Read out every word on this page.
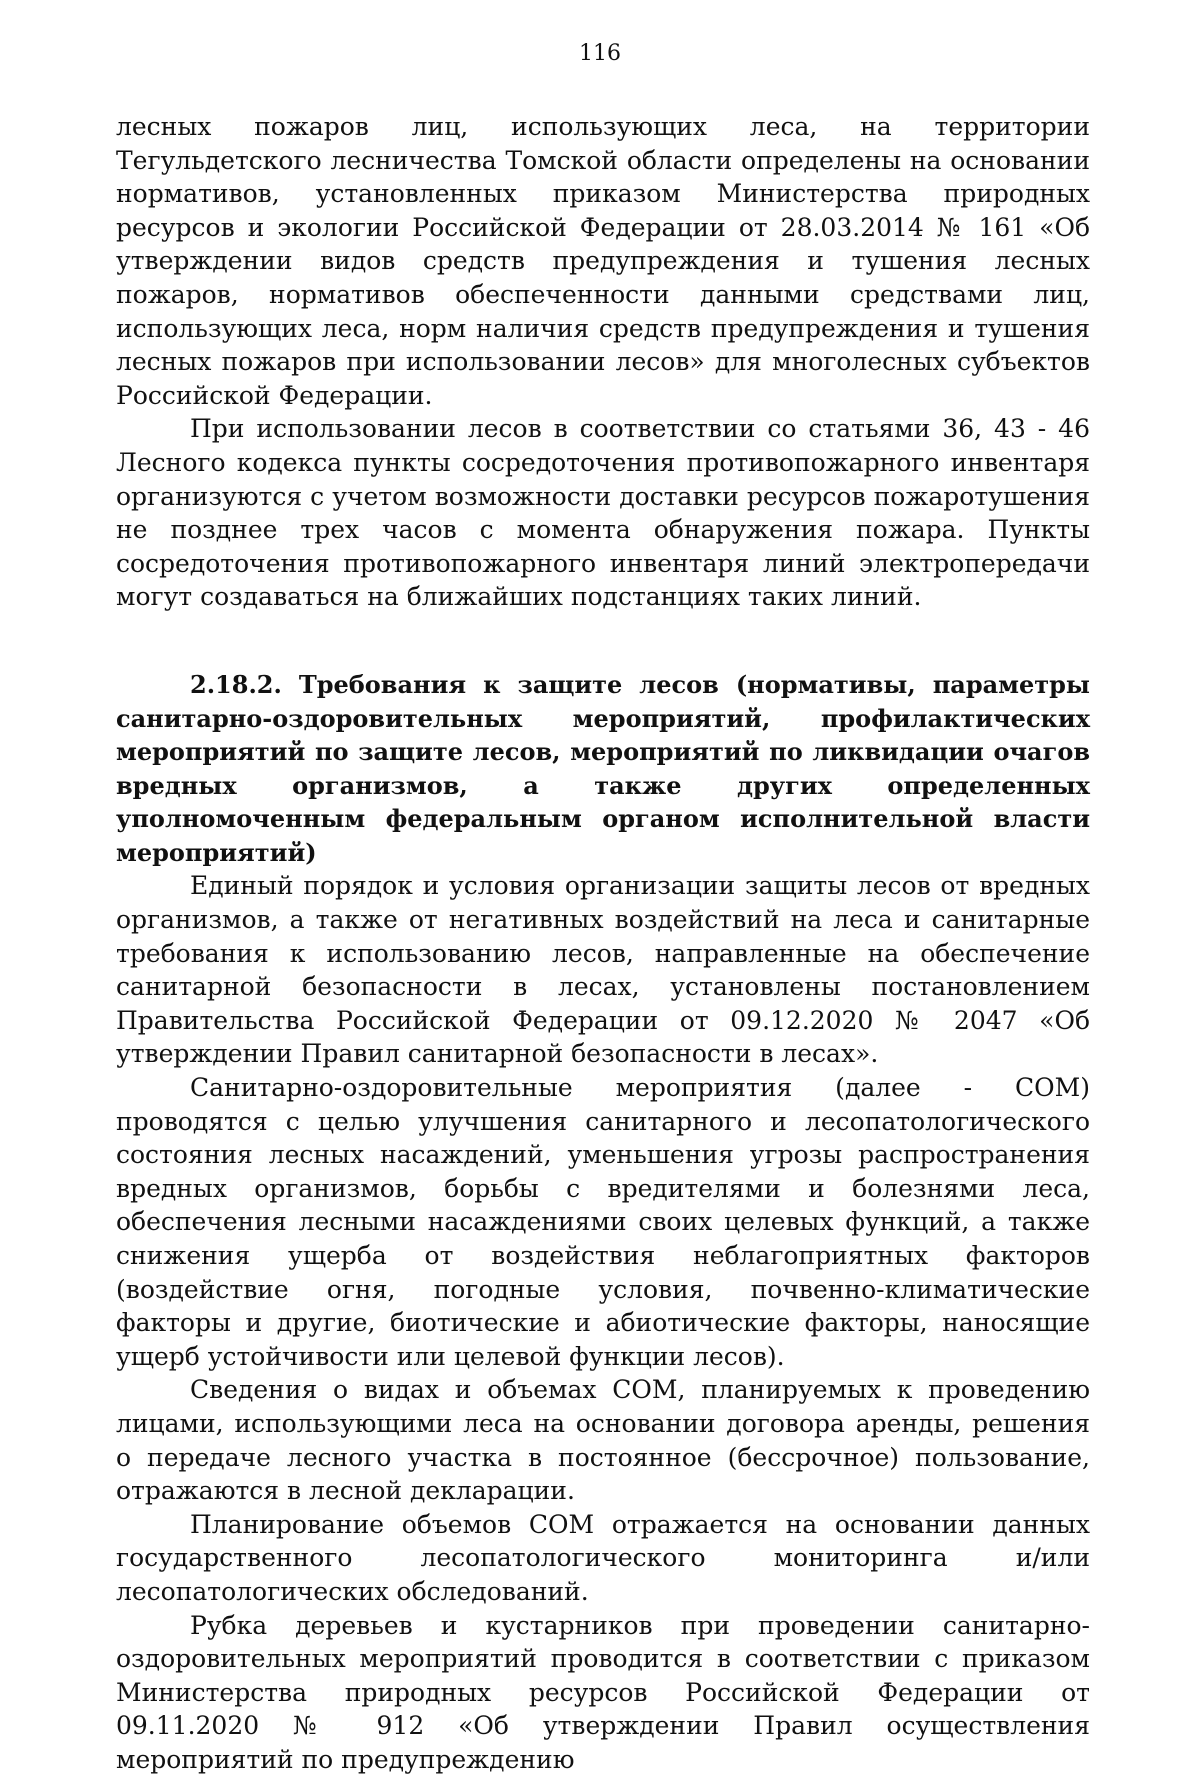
116

лесных пожаров лиц, использующих леса, на территории Тегульдетского лесничества Томской области определены на основании нормативов, установленных приказом Министерства природных ресурсов и экологии Российской Федерации от 28.03.2014 № 161 «Об утверждении видов средств предупреждения и тушения лесных пожаров, нормативов обеспеченности данными средствами лиц, использующих леса, норм наличия средств предупреждения и тушения лесных пожаров при использовании лесов» для многолесных субъектов Российской Федерации.

При использовании лесов в соответствии со статьями 36, 43 - 46 Лесного кодекса пункты сосредоточения противопожарного инвентаря организуются с учетом возможности доставки ресурсов пожаротушения не позднее трех часов с момента обнаружения пожара. Пункты сосредоточения противопожарного инвентаря линий электропередачи могут создаваться на ближайших подстанциях таких линий.

2.18.2. Требования к защите лесов (нормативы, параметры санитарно-оздоровительных мероприятий, профилактических мероприятий по защите лесов, мероприятий по ликвидации очагов вредных организмов, а также других определенных уполномоченным федеральным органом исполнительной власти мероприятий)

Единый порядок и условия организации защиты лесов от вредных организмов, а также от негативных воздействий на леса и санитарные требования к использованию лесов, направленные на обеспечение санитарной безопасности в лесах, установлены постановлением Правительства Российской Федерации от 09.12.2020 № 2047 «Об утверждении Правил санитарной безопасности в лесах».

Санитарно-оздоровительные мероприятия (далее - СОМ) проводятся с целью улучшения санитарного и лесопатологического состояния лесных насаждений, уменьшения угрозы распространения вредных организмов, борьбы с вредителями и болезнями леса, обеспечения лесными насаждениями своих целевых функций, а также снижения ущерба от воздействия неблагоприятных факторов (воздействие огня, погодные условия, почвенно-климатические факторы и другие, биотические и абиотические факторы, наносящие ущерб устойчивости или целевой функции лесов).

Сведения о видах и объемах СОМ, планируемых к проведению лицами, использующими леса на основании договора аренды, решения о передаче лесного участка в постоянное (бессрочное) пользование, отражаются в лесной декларации.

Планирование объемов СОМ отражается на основании данных государственного лесопатологического мониторинга и/или лесопатологических обследований.

Рубка деревьев и кустарников при проведении санитарно-оздоровительных мероприятий проводится в соответствии с приказом Министерства природных ресурсов Российской Федерации от 09.11.2020 № 912 «Об утверждении Правил осуществления мероприятий по предупреждению
